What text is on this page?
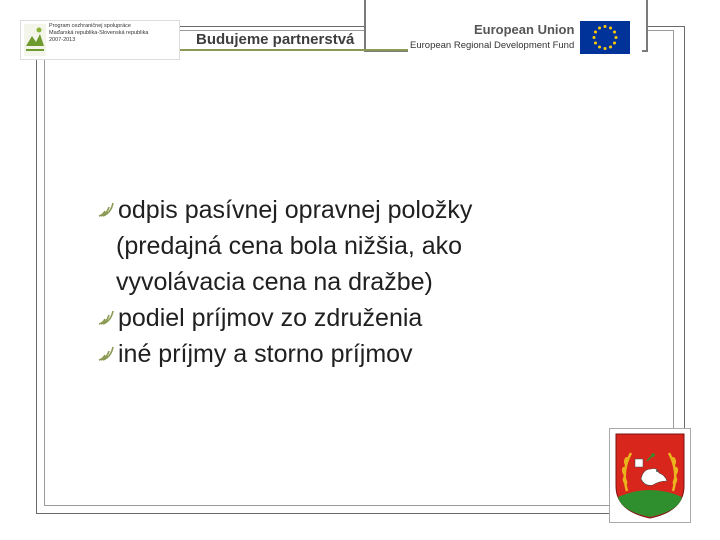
Program cezhraničnej spolupráce
Maďarská republika-Slovenská republika
2007-2013	Budujeme partnerstvá
European Union
European Regional Development Fund
odpis pasívnej opravnej položky
(predajná cena bola nižšia, ako
vyvolávacia cena na dražbe)
podiel príjmov zo združenia
iné príjmy a storno príjmov
